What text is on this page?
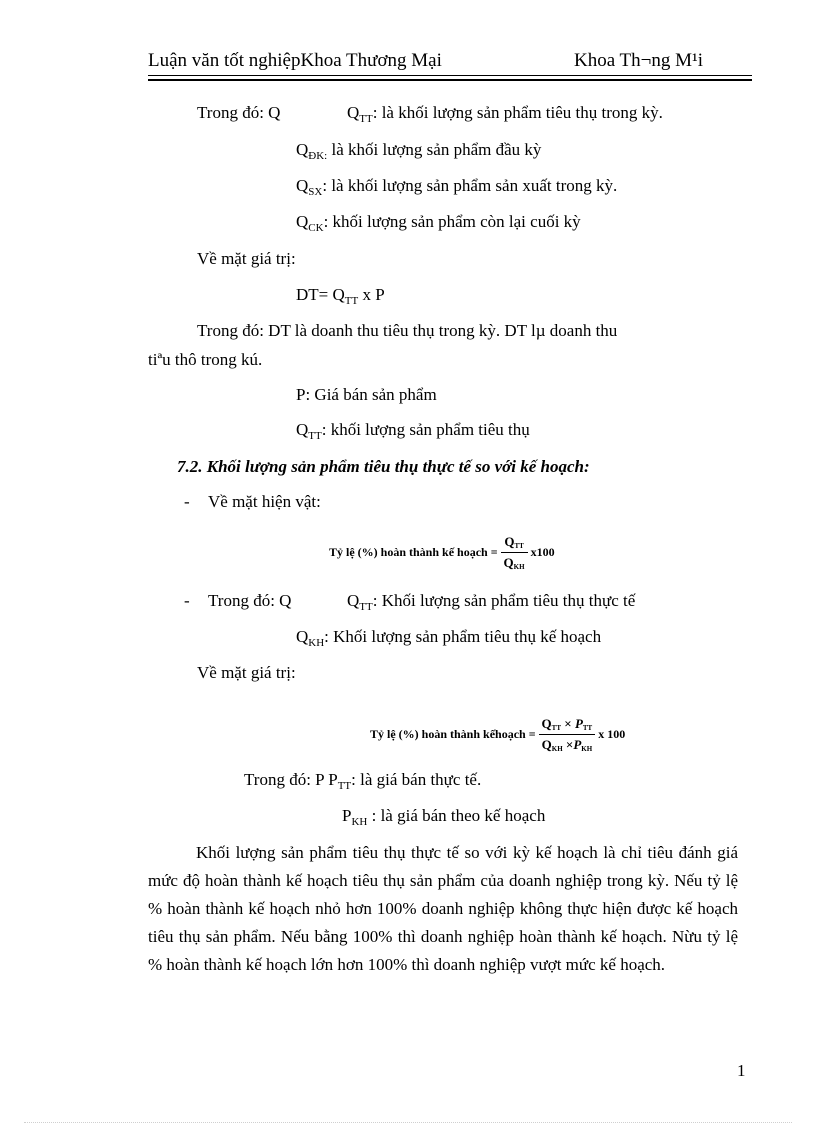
Luận văn tốt nghiệpKhoa Thương Mại	Khoa Th¬ng M¹i
Trong đó: Q	$Q_{TT}$: là khối lượng sản phẩm tiêu thụ trong kỳ.
$Q_{ĐK:}$ là khối lượng sản phẩm đầu kỳ
$Q_{SX}$: là khối lượng sản phẩm sản xuất trong kỳ.
$Q_{CK}$: khối lượng sản phẩm còn lại cuối kỳ
Về mặt giá trị:
$DT= Q_{TT}$ x P
Trong đó: DT là doanh thu tiêu thụ trong kỳ. DT lµ doanh thu
tiªu thô trong kú.
P: Giá bán sản phẩm
$Q_{TT}$: khối lượng sản phẩm tiêu thụ
7.2. Khối lượng sản phẩm tiêu thụ thực tế so với kế hoạch:
- Về mặt hiện vật:
Tỷ lệ (%) hoàn thành kế hoạch = $\frac{Q_{TT}}{Q_{KH}} x100$
- Trong đó: Q	$Q_{TT}$: Khối lượng sản phẩm tiêu thụ thực tế
$Q_{KH}$: Khối lượng sản phẩm tiêu thụ kế hoạch
Về mặt giá trị:
Tỷ lệ (%) hoàn thành kếhoạch = $\frac{Q_{TT} \times P_{TT}}{Q_{KH} \times P_{KH}}$ x 100
Trong đó: P $P_{TT}$: là giá bán thực tế.
$P_{KH}$ : là giá bán theo kế hoạch

Khối lượng sản phẩm tiêu thụ thực tế so với kỳ kế hoạch là chỉ tiêu đánh giá mức độ hoàn thành kế hoạch tiêu thụ sản phẩm của doanh nghiệp trong kỳ. Nếu tỷ lệ % hoàn thành kế hoạch nhỏ hơn 100% doanh nghiệp không thực hiện được kế hoạch tiêu thụ sản phẩm. Nếu bằng 100% thì doanh nghiệp hoàn thành kế hoạch. Nừu tỷ lệ % hoàn thành kế hoạch lớn hơn 100% thì doanh nghiệp vượt mức kế hoạch.

1
